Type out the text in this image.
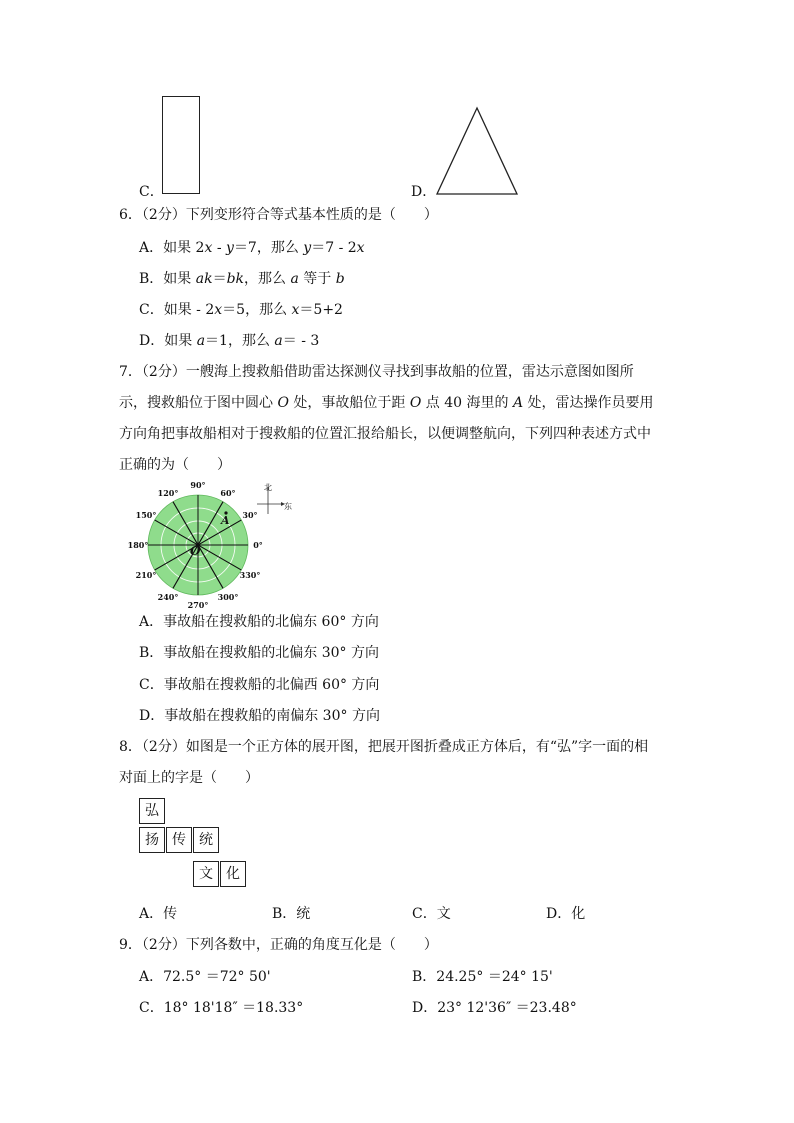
C．	D．
6．（2分）下列变形符合等式基本性质的是（　　）
A．如果 2x - y＝7，那么 y＝7 - 2x
B．如果 ak＝bk，那么 a 等于 b
C．如果 - 2x＝5，那么 x＝5+2
D．如果 a＝1，那么 a＝ - 3
7．（2分）一艘海上搜救船借助雷达探测仪寻找到事故船的位置，雷达示意图如图所示，搜救船位于图中圆心 O 处，事故船位于距 O 点 40 海里的 A 处，雷达操作员要用方向角把事故船相对于搜救船的位置汇报给船长，以便调整航向，下列四种表述方式中正确的为（　　）
0°
30°
60°
90°
120°
150°
180°
210°
240°
270°
300°
330°
A
O
北
东
A．事故船在搜救船的北偏东 60° 方向
B．事故船在搜救船的北偏东 30° 方向
C．事故船在搜救船的北偏西 60° 方向
D．事故船在搜救船的南偏东 30° 方向
8．（2分）如图是一个正方体的展开图，把展开图折叠成正方体后，有“弘”字一面的相对面上的字是（　　）
弘
扬 传 统
文 化
A．传	B．统	C．文	D．化
9．（2分）下列各数中，正确的角度互化是（　　）
A．72.5° ＝72° 50'	B．24.25° ＝24° 15'
C．18° 18'18″ ＝18.33°	D．23° 12'36″ ＝23.48°
